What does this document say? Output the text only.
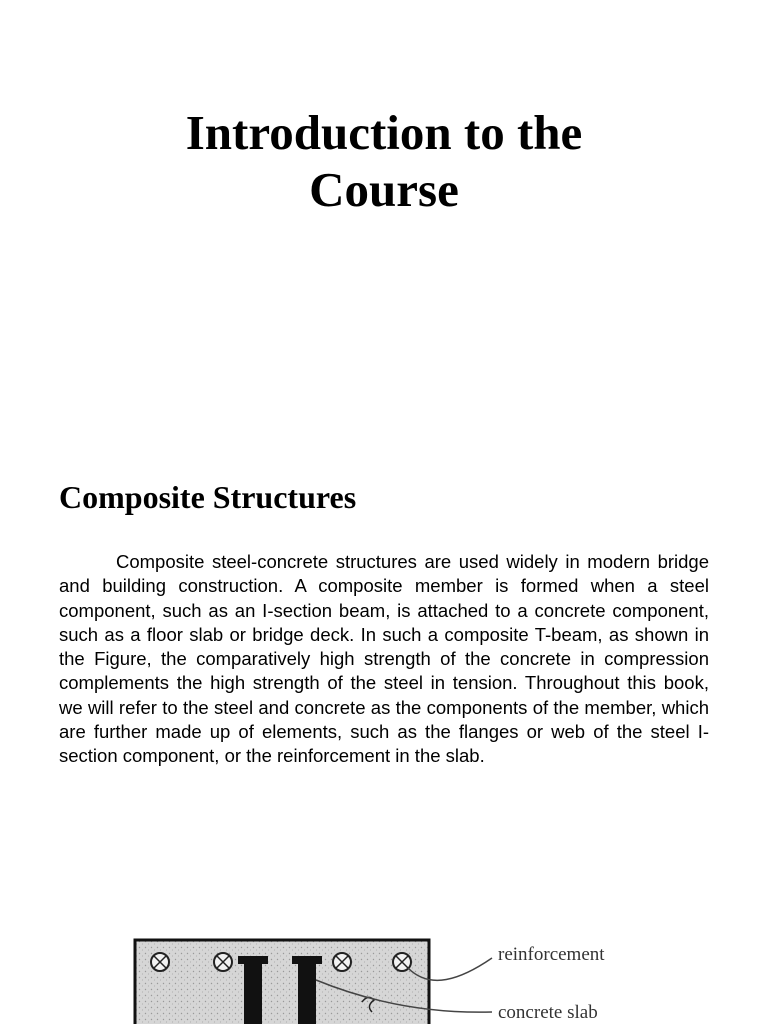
Introduction to the
Course
Composite Structures

Composite steel-concrete structures are used widely in modern bridge and building construction. A composite member is formed when a steel component, such as an I-section beam, is attached to a concrete component, such as a floor slab or bridge deck. In such a composite T-beam, as shown in the Figure, the comparatively high strength of the concrete in compression complements the high strength of the steel in tension. Throughout this book, we will refer to the steel and concrete as the components of the member, which are further made up of elements, such as the flanges or web of the steel I-section component, or the reinforcement in the slab.

reinforcement
concrete slab
